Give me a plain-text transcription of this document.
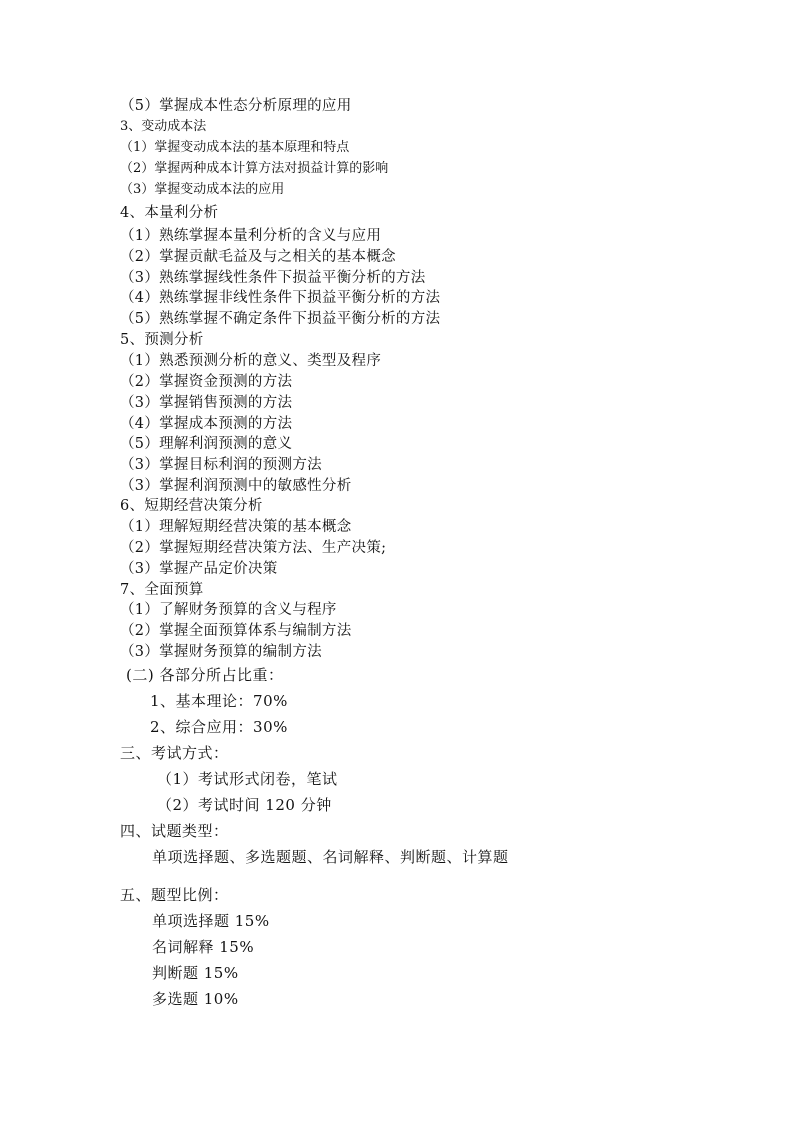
（5）掌握成本性态分析原理的应用
3、变动成本法
（1）掌握变动成本法的基本原理和特点
（2）掌握两种成本计算方法对损益计算的影响
（3）掌握变动成本法的应用
4、本量利分析
（1）熟练掌握本量利分析的含义与应用
（2）掌握贡献毛益及与之相关的基本概念
（3）熟练掌握线性条件下损益平衡分析的方法
（4）熟练掌握非线性条件下损益平衡分析的方法
（5）熟练掌握不确定条件下损益平衡分析的方法
5、预测分析
（1）熟悉预测分析的意义、类型及程序
（2）掌握资金预测的方法
（3）掌握销售预测的方法
（4）掌握成本预测的方法
（5）理解利润预测的意义
（3）掌握目标利润的预测方法
（3）掌握利润预测中的敏感性分析
6、短期经营决策分析
（1）理解短期经营决策的基本概念
（2）掌握短期经营决策方法、生产决策;
（3）掌握产品定价决策
7、全面预算
（1）了解财务预算的含义与程序
（2）掌握全面预算体系与编制方法
（3）掌握财务预算的编制方法
(二) 各部分所占比重：
1、基本理论：70%
2、综合应用：30%
三、考试方式：
（1）考试形式闭卷，笔试
（2）考试时间 120 分钟
四、试题类型：
单项选择题、多选题题、名词解释、判断题、计算题
五、题型比例：
单项选择题 15%
名词解释 15%
判断题 15%
多选题 10%
